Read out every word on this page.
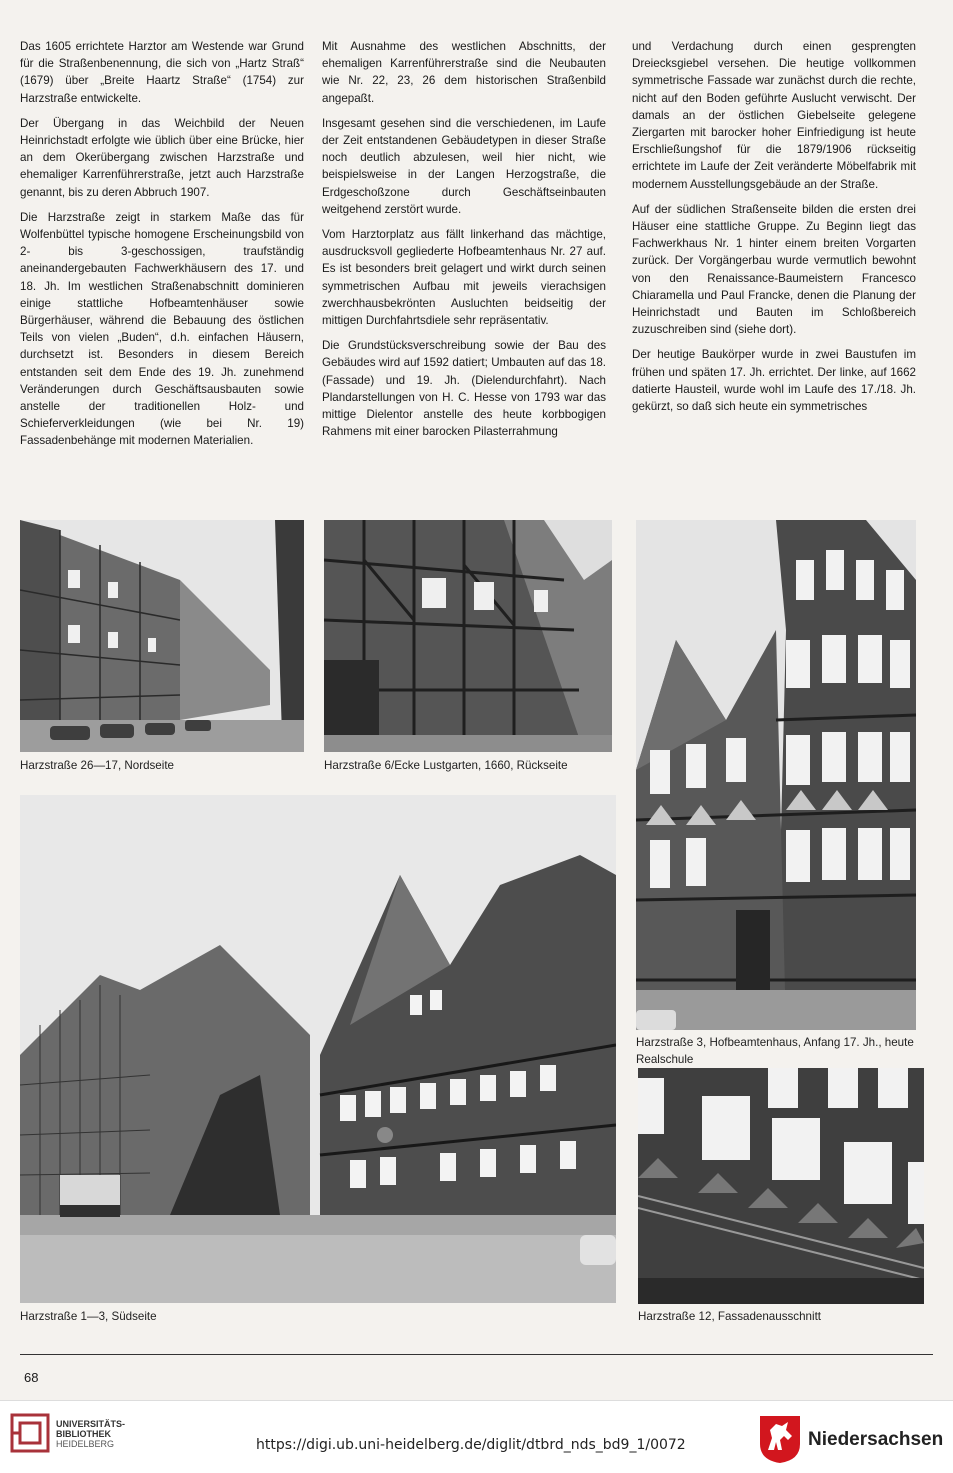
Das 1605 errichtete Harztor am Westende war Grund für die Straßenbenennung, die sich von „Hartz Straß“ (1679) über „Breite Haartz Straße“ (1754) zur Harzstraße entwickelte.

Der Übergang in das Weichbild der Neuen Heinrichstadt erfolgte wie üblich über eine Brücke, hier an dem Okerübergang zwischen Harzstraße und ehemaliger Karrenführerstraße, jetzt auch Harzstraße genannt, bis zu deren Abbruch 1907.

Die Harzstraße zeigt in starkem Maße das für Wolfenbüttel typische homogene Erscheinungsbild von 2- bis 3-geschossigen, traufständig aneinandergebauten Fachwerkhäusern des 17. und 18. Jh. Im westlichen Straßenabschnitt dominieren einige stattliche Hofbeamtenhäuser sowie Bürgerhäuser, während die Bebauung des östlichen Teils von vielen „Buden“, d.h. einfachen Häusern, durchsetzt ist. Besonders in diesem Bereich entstanden seit dem Ende des 19. Jh. zunehmend Veränderungen durch Geschäftsausbauten sowie anstelle der traditionellen Holz- und Schieferverkleidungen (wie bei Nr. 19) Fassadenbehänge mit modernen Materialien.

Mit Ausnahme des westlichen Abschnitts, der ehemaligen Karrenführerstraße sind die Neubauten wie Nr. 22, 23, 26 dem historischen Straßenbild angepaßt.

Insgesamt gesehen sind die verschiedenen, im Laufe der Zeit entstandenen Gebäudetypen in dieser Straße noch deutlich abzulesen, weil hier nicht, wie beispielsweise in der Langen Herzogstraße, die Erdgeschoßzone durch Geschäftseinbauten weitgehend zerstört wurde.

Vom Harztorplatz aus fällt linkerhand das mächtige, ausdrucksvoll gegliederte Hofbeamtenhaus Nr. 27 auf. Es ist besonders breit gelagert und wirkt durch seinen symmetrischen Aufbau mit jeweils vierachsigen zwerchhausbekrönten Ausluchten beidseitig der mittigen Durchfahrtsdiele sehr repräsentativ.

Die Grundstücksverschreibung sowie der Bau des Gebäudes wird auf 1592 datiert; Umbauten auf das 18. (Fassade) und 19. Jh. (Dielendurchfahrt). Nach Plandarstellungen von H. C. Hesse von 1793 war das mittige Dielentor anstelle des heute korbbogigen Rahmens mit einer barocken Pilasterrahmung

und Verdachung durch einen gesprengten Dreiecksgiebel versehen. Die heutige vollkommen symmetrische Fassade war zunächst durch die rechte, nicht auf den Boden geführte Auslucht verwischt. Der damals an der östlichen Giebelseite gelegene Ziergarten mit barocker hoher Einfriedigung ist heute Erschließungshof für die 1879/1906 rückseitig errichtete im Laufe der Zeit veränderte Möbelfabrik mit modernem Ausstellungsgebäude an der Straße.

Auf der südlichen Straßenseite bilden die ersten drei Häuser eine stattliche Gruppe. Zu Beginn liegt das Fachwerkhaus Nr. 1 hinter einem breiten Vorgarten zurück. Der Vorgängerbau wurde vermutlich bewohnt von den Renaissance-Baumeistern Francesco Chiaramella und Paul Francke, denen die Planung der Heinrichstadt und Bauten im Schloßbereich zuzuschreiben sind (siehe dort).

Der heutige Baukörper wurde in zwei Baustufen im frühen und späten 17. Jh. errichtet. Der linke, auf 1662 datierte Hausteil, wurde wohl im Laufe des 17./18. Jh. gekürzt, so daß sich heute ein symmetrisches

Harzstraße 26—17, Nordseite	Harzstraße 6/Ecke Lustgarten, 1660, Rückseite
Harzstraße 3, Hofbeamtenhaus, Anfang 17. Jh., heute Realschule
Harzstraße 1—3, Südseite	Harzstraße 12, Fassadenausschnitt
68
UNIVERSITÄTS-
BIBLIOTHEK
HEIDELBERG	https://digi.ub.uni-heidelberg.de/diglit/dtbrd_nds_bd9_1/0072	Niedersachsen
